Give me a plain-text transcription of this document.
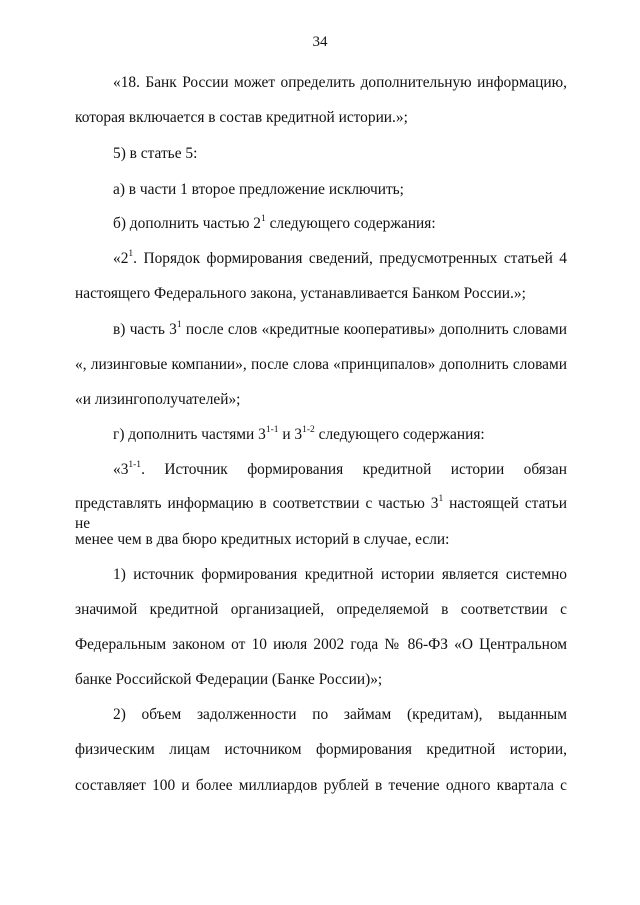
34
«18. Банк России может определить дополнительную информацию,
которая включается в состав кредитной истории.»;
5) в статье 5:
а) в части 1 второе предложение исключить;
б) дополнить частью $2^1$ следующего содержания:
«$2^1$. Порядок формирования сведений, предусмотренных статьей 4
настоящего Федерального закона, устанавливается Банком России.»;
в) часть $3^1$ после слов «кредитные кооперативы» дополнить словами
«, лизинговые компании», после слова «принципалов» дополнить словами
«и лизингополучателей»;
г) дополнить частями 3$^{1-1}$ и 3$^{1-2}$ следующего содержания:
«3$^{1-1}$. Источник формирования кредитной истории обязан
представлять информацию в соответствии с частью $3^1$ настоящей статьи не
менее чем в два бюро кредитных историй в случае, если:
1) источник формирования кредитной истории является системно
значимой кредитной организацией, определяемой в соответствии с
Федеральным законом от 10 июля 2002 года № 86-ФЗ «О Центральном
банке Российской Федерации (Банке России)»;
2) объем задолженности по займам (кредитам), выданным
физическим лицам источником формирования кредитной истории,
составляет 100 и более миллиардов рублей в течение одного квартала с
